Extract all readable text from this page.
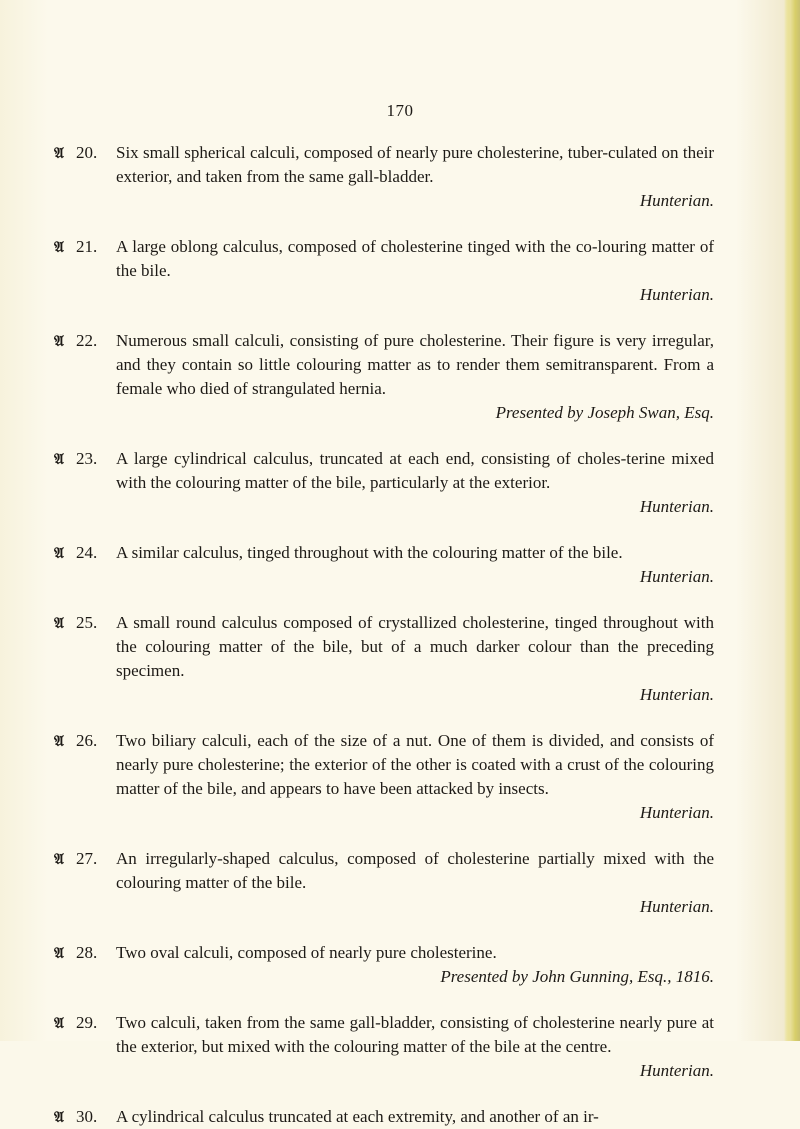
170
𝔄 20.	Six small spherical calculi, composed of nearly pure cholesterine, tuber-culated on their exterior, and taken from the same gall-bladder.
Hunterian.
𝔄 21.	A large oblong calculus, composed of cholesterine tinged with the co-louring matter of the bile.
Hunterian.
𝔄 22.	Numerous small calculi, consisting of pure cholesterine. Their figure is very irregular, and they contain so little colouring matter as to render them semitransparent. From a female who died of strangulated hernia.
Presented by Joseph Swan, Esq.
𝔄 23.	A large cylindrical calculus, truncated at each end, consisting of choles-terine mixed with the colouring matter of the bile, particularly at the exterior.
Hunterian.
𝔄 24.	A similar calculus, tinged throughout with the colouring matter of the bile.
Hunterian.
𝔄 25.	A small round calculus composed of crystallized cholesterine, tinged throughout with the colouring matter of the bile, but of a much darker colour than the preceding specimen.
Hunterian.
𝔄 26.	Two biliary calculi, each of the size of a nut. One of them is divided, and consists of nearly pure cholesterine; the exterior of the other is coated with a crust of the colouring matter of the bile, and appears to have been attacked by insects.
Hunterian.
𝔄 27.	An irregularly-shaped calculus, composed of cholesterine partially mixed with the colouring matter of the bile.
Hunterian.
𝔄 28.	Two oval calculi, composed of nearly pure cholesterine.
Presented by John Gunning, Esq., 1816.
𝔄 29.	Two calculi, taken from the same gall-bladder, consisting of cholesterine nearly pure at the exterior, but mixed with the colouring matter of the bile at the centre.
Hunterian.
𝔄 30.	A cylindrical calculus truncated at each extremity, and another of an ir-
